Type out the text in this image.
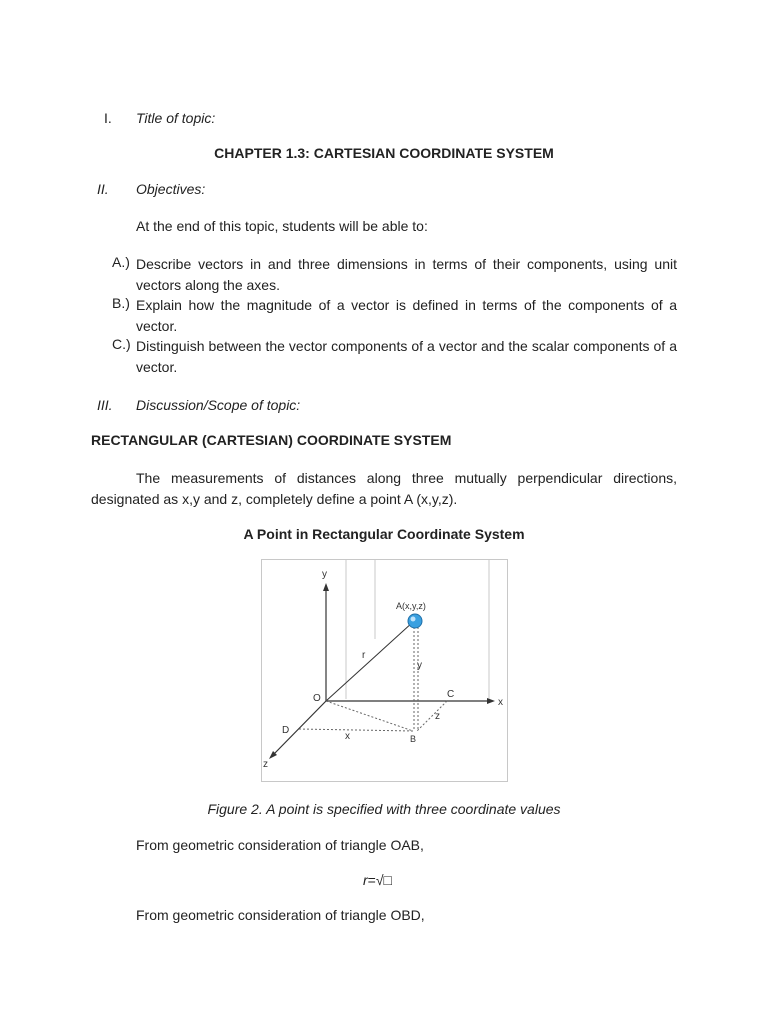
I. Title of topic:
CHAPTER 1.3: CARTESIAN COORDINATE SYSTEM
II. Objectives:
At the end of this topic, students will be able to:
A.) Describe vectors in and three dimensions in terms of their components, using unit vectors along the axes.
B.) Explain how the magnitude of a vector is defined in terms of the components of a vector.
C.) Distinguish between the vector components of a vector and the scalar components of a vector.
III. Discussion/Scope of topic:
RECTANGULAR (CARTESIAN) COORDINATE SYSTEM
The measurements of distances along three mutually perpendicular directions, designated as x,y and z, completely define a point A (x,y,z).
A Point in Rectangular Coordinate System
y
x
z
A(x,y,z)
O
r
y
C
z
D
x	B
Figure 2. A point is specified with three coordinate values
From geometric consideration of triangle OAB,
r=√□
From geometric consideration of triangle OBD,
